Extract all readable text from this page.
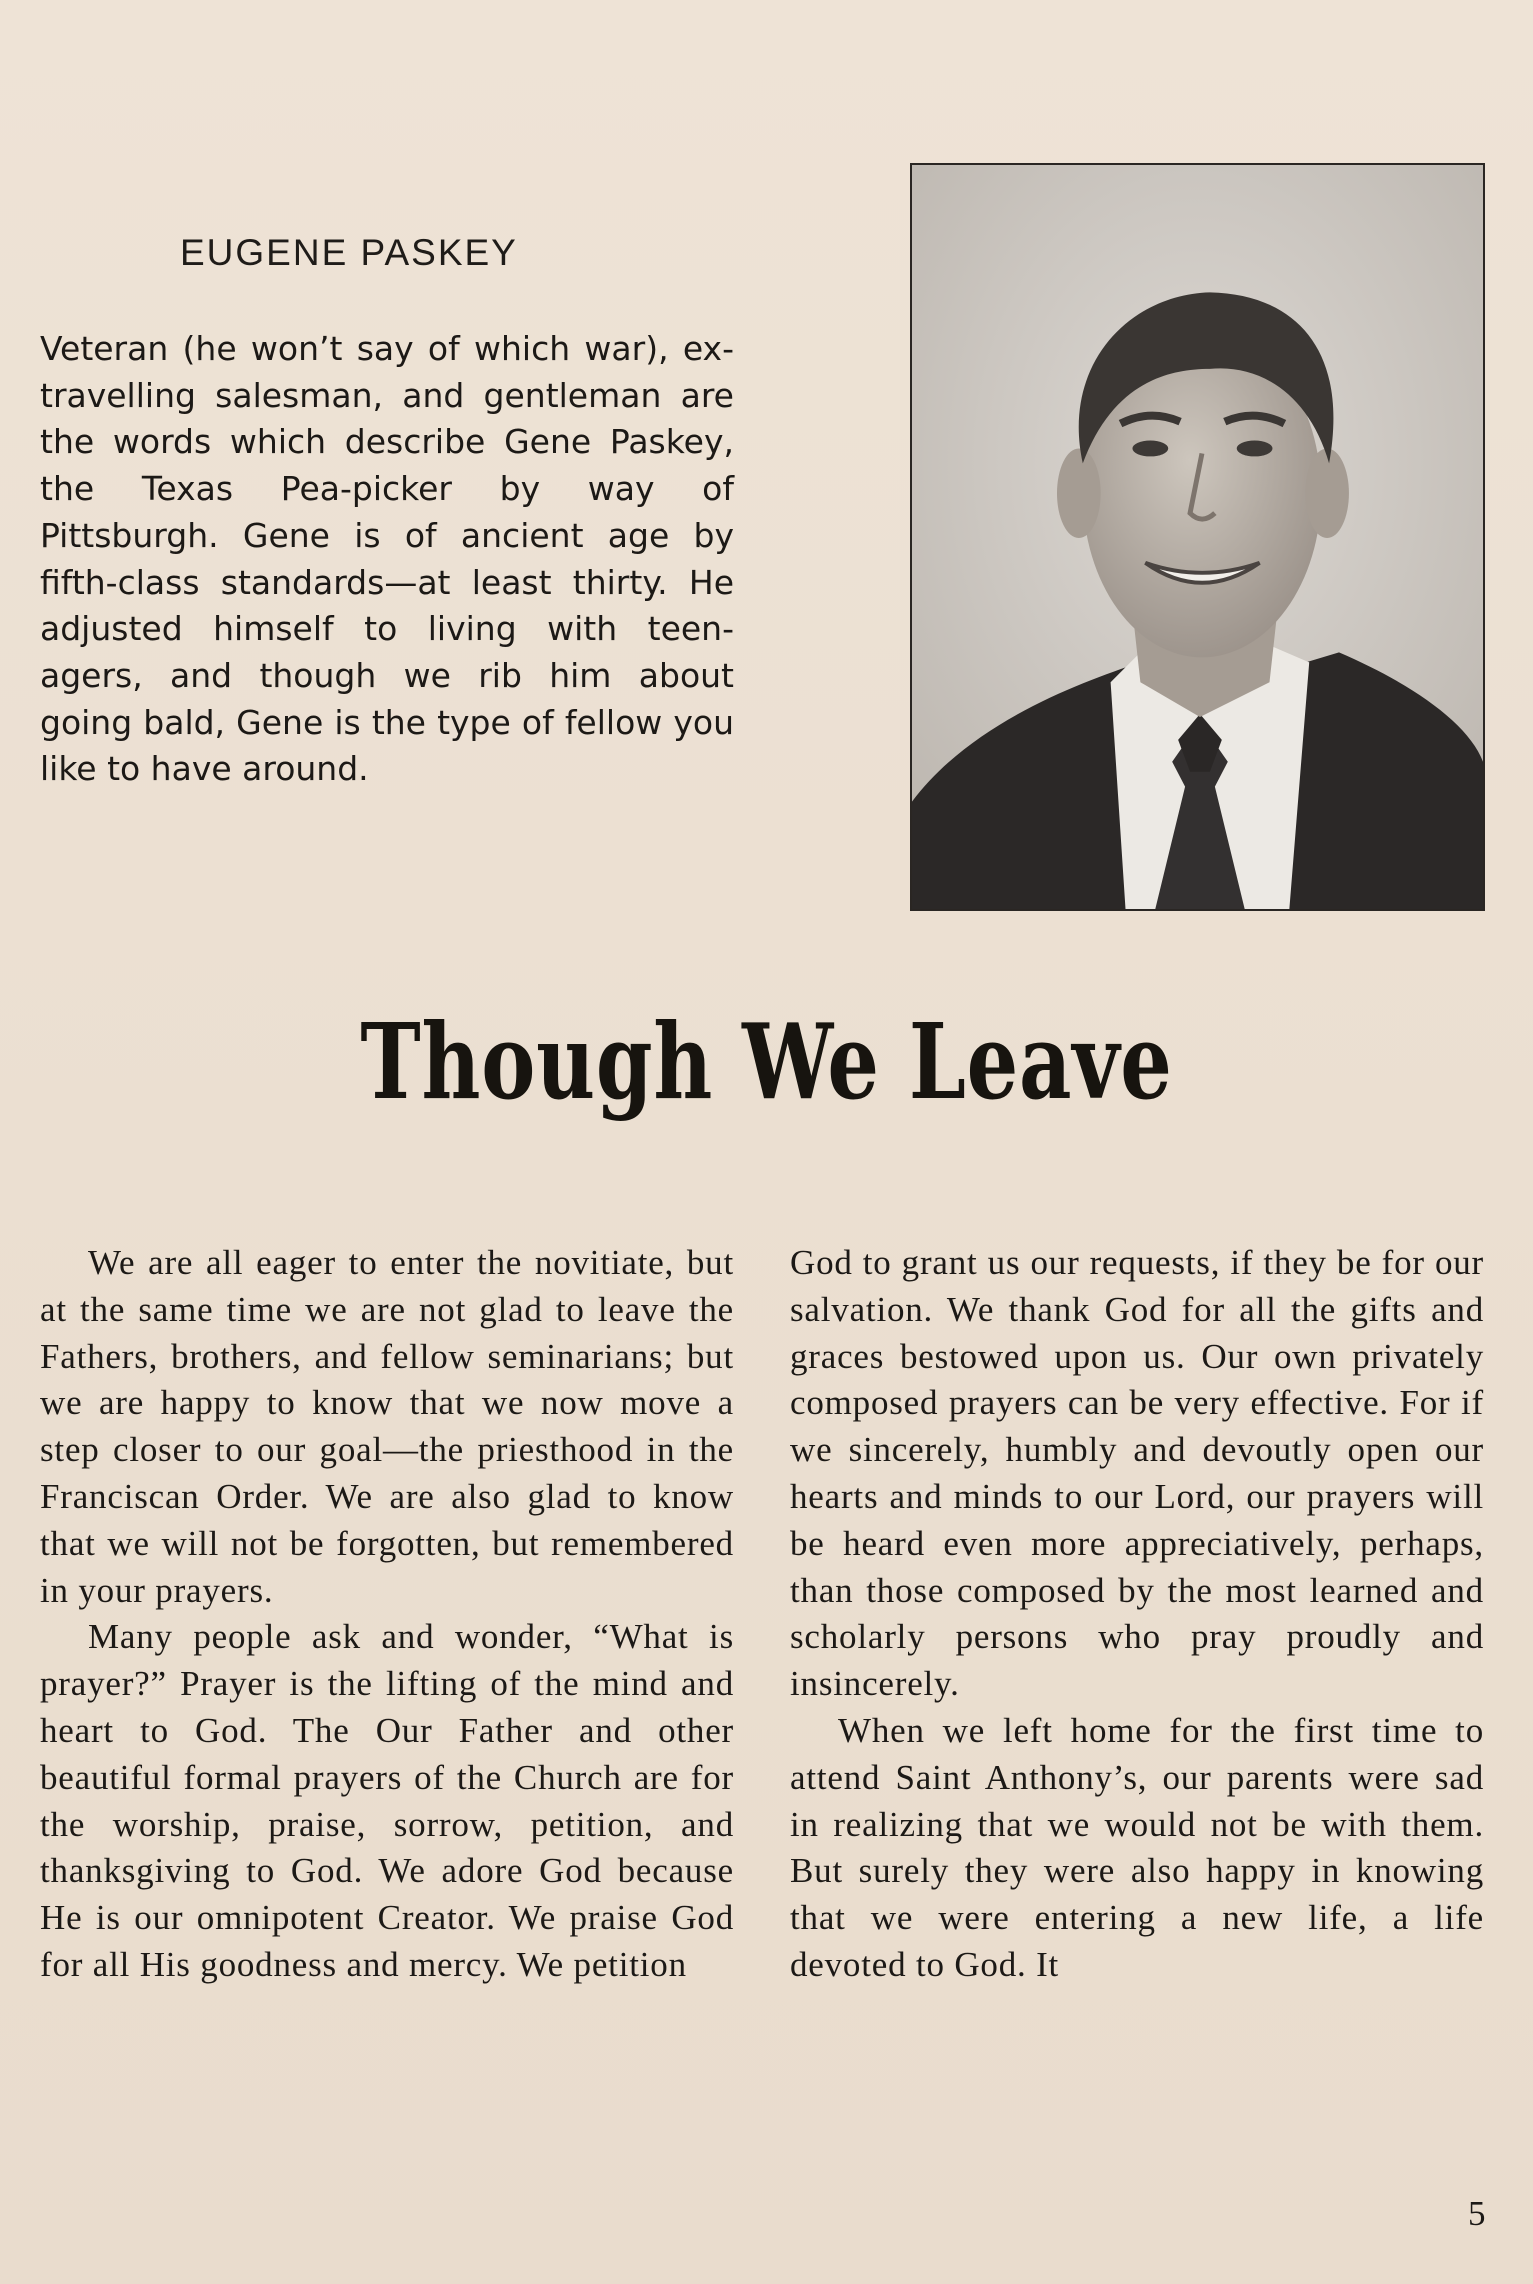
EUGENE PASKEY

Veteran (he won’t say of which war), ex-travelling salesman, and gentleman are the words which describe Gene Paskey, the Texas Pea-picker by way of Pittsburgh. Gene is of ancient age by fifth-class standards—at least thirty. He adjusted himself to living with teen-agers, and though we rib him about going bald, Gene is the type of fellow you like to have around.

Though We Leave

We are all eager to enter the novitiate, but at the same time we are not glad to leave the Fathers, brothers, and fellow seminarians; but we are happy to know that we now move a step closer to our goal—the priesthood in the Franciscan Order. We are also glad to know that we will not be forgotten, but remembered in your prayers.

Many people ask and wonder, “What is prayer?” Prayer is the lifting of the mind and heart to God. The Our Father and other beautiful formal prayers of the Church are for the worship, praise, sorrow, petition, and thanksgiving to God. We adore God because He is our omnipotent Creator. We praise God for all His goodness and mercy. We petition

God to grant us our requests, if they be for our salvation. We thank God for all the gifts and graces bestowed upon us. Our own privately composed prayers can be very effective. For if we sincerely, humbly and devoutly open our hearts and minds to our Lord, our prayers will be heard even more appreciatively, perhaps, than those composed by the most learned and scholarly persons who pray proudly and insincerely.

When we left home for the first time to attend Saint Anthony’s, our parents were sad in realizing that we would not be with them. But surely they were also happy in knowing that we were entering a new life, a life devoted to God. It

5
